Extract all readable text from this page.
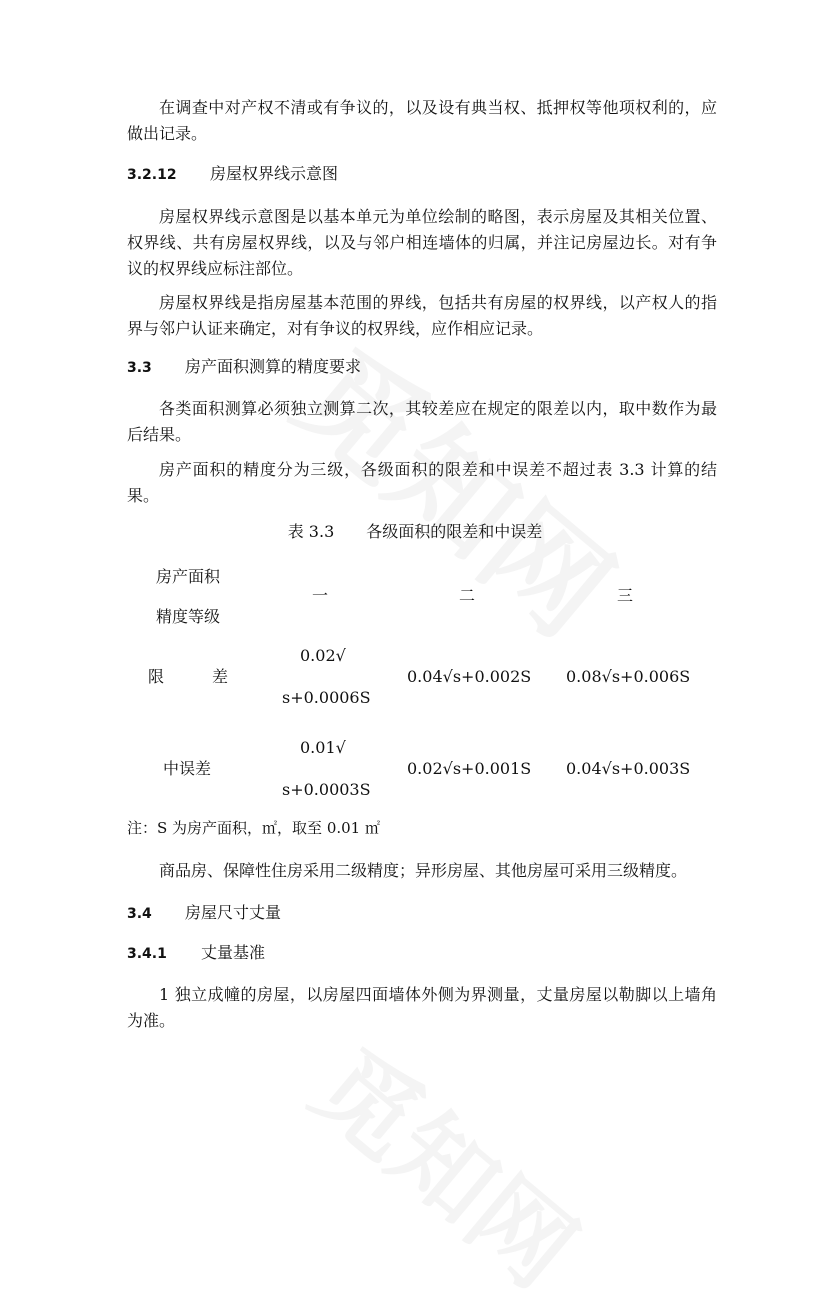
在调查中对产权不清或有争议的，以及设有典当权、抵押权等他项权利的，应做出记录。

3.2.12 房屋权界线示意图

房屋权界线示意图是以基本单元为单位绘制的略图，表示房屋及其相关位置、权界线、共有房屋权界线，以及与邻户相连墙体的归属，并注记房屋边长。对有争议的权界线应标注部位。

房屋权界线是指房屋基本范围的界线，包括共有房屋的权界线，以产权人的指界与邻户认证来确定，对有争议的权界线，应作相应记录。

3.3 房产面积测算的精度要求

各类面积测算必须独立测算二次，其较差应在规定的限差以内，取中数作为最后结果。

房产面积的精度分为三级，各级面积的限差和中误差不超过表 3.3 计算的结果。

表 3.3　　各级面积的限差和中误差
房产面积
精度等级
一	二	三
限　　　差
0.02√
s+0.0006S
0.04√s+0.002S 0.08√s+0.006S
中误差
0.01√
s+0.0003S
0.02√s+0.001S 0.04√s+0.003S
注：S 为房产面积，㎡，取至 0.01 ㎡

商品房、保障性住房采用二级精度；异形房屋、其他房屋可采用三级精度。

3.4 房屋尺寸丈量
3.4.1 丈量基准

1 独立成幢的房屋，以房屋四面墙体外侧为界测量，丈量房屋以勒脚以上墙角为准。
